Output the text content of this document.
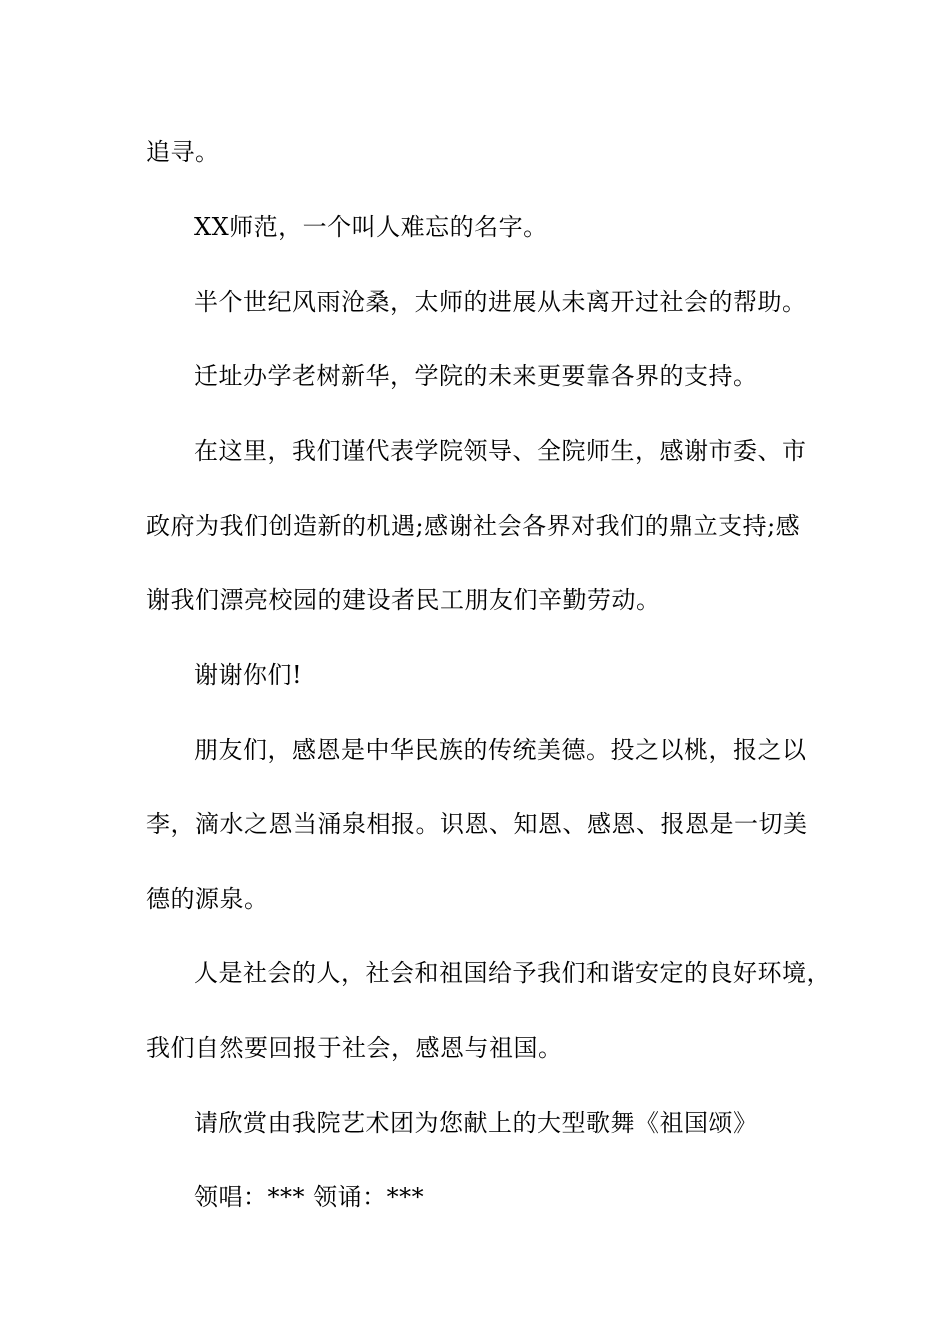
追寻。
XX师范，一个叫人难忘的名字。
半个世纪风雨沧桑，太师的进展从未离开过社会的帮助。
迁址办学老树新华，学院的未来更要靠各界的支持。
在这里，我们谨代表学院领导、全院师生，感谢市委、市
政府为我们创造新的机遇;感谢社会各界对我们的鼎立支持;感
谢我们漂亮校园的建设者民工朋友们辛勤劳动。
谢谢你们!
朋友们，感恩是中华民族的传统美德。投之以桃，报之以
李，滴水之恩当涌泉相报。识恩、知恩、感恩、报恩是一切美
德的源泉。
人是社会的人，社会和祖国给予我们和谐安定的良好环境，
我们自然要回报于社会，感恩与祖国。
请欣赏由我院艺术团为您献上的大型歌舞《祖国颂》
领唱：*** 领诵：***
